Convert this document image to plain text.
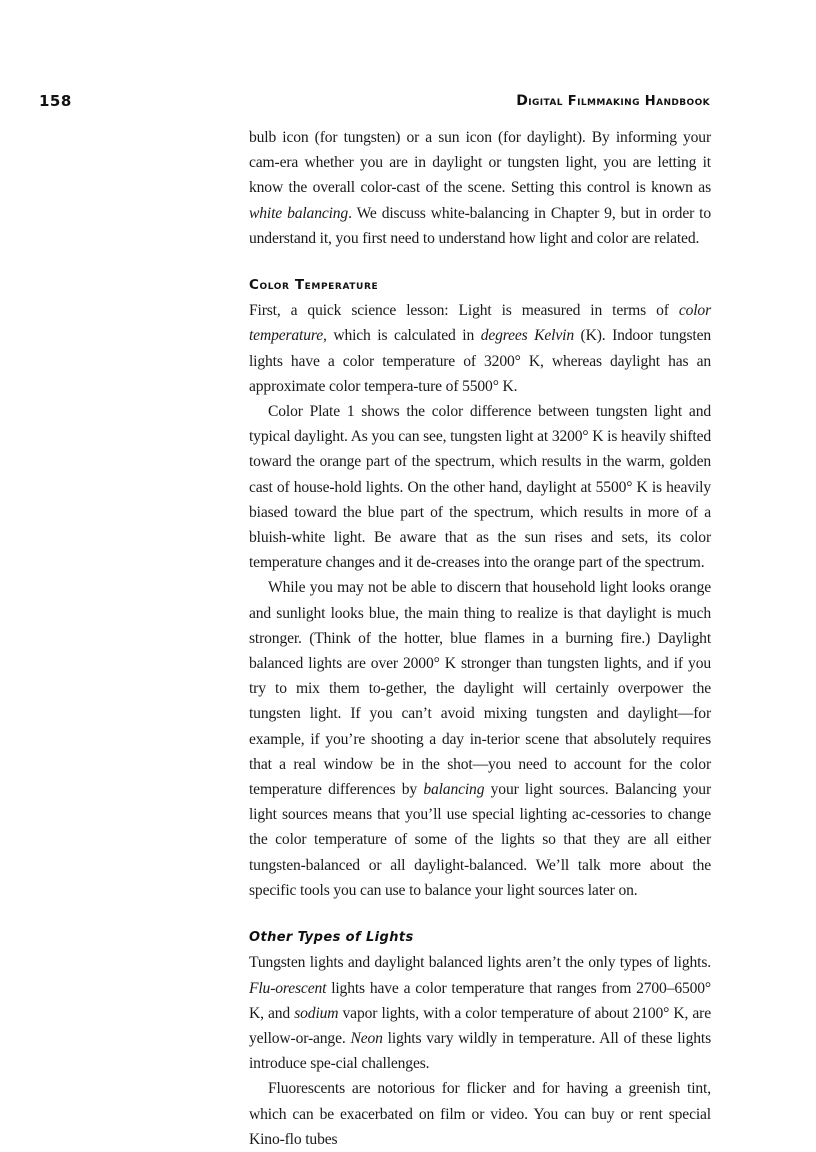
158	Digital Filmmaking Handbook

bulb icon (for tungsten) or a sun icon (for daylight). By informing your cam-era whether you are in daylight or tungsten light, you are letting it know the overall color-cast of the scene. Setting this control is known as white balancing. We discuss white-balancing in Chapter 9, but in order to understand it, you first need to understand how light and color are related.

Color Temperature

First, a quick science lesson: Light is measured in terms of color temperature, which is calculated in degrees Kelvin (K). Indoor tungsten lights have a color temperature of 3200° K, whereas daylight has an approximate color tempera-ture of 5500° K.

Color Plate 1 shows the color difference between tungsten light and typical daylight. As you can see, tungsten light at 3200° K is heavily shifted toward the orange part of the spectrum, which results in the warm, golden cast of house-hold lights. On the other hand, daylight at 5500° K is heavily biased toward the blue part of the spectrum, which results in more of a bluish-white light. Be aware that as the sun rises and sets, its color temperature changes and it de-creases into the orange part of the spectrum.

While you may not be able to discern that household light looks orange and sunlight looks blue, the main thing to realize is that daylight is much stronger. (Think of the hotter, blue flames in a burning fire.) Daylight balanced lights are over 2000° K stronger than tungsten lights, and if you try to mix them to-gether, the daylight will certainly overpower the tungsten light. If you can’t avoid mixing tungsten and daylight—for example, if you’re shooting a day in-terior scene that absolutely requires that a real window be in the shot—you need to account for the color temperature differences by balancing your light sources. Balancing your light sources means that you’ll use special lighting ac-cessories to change the color temperature of some of the lights so that they are all either tungsten-balanced or all daylight-balanced. We’ll talk more about the specific tools you can use to balance your light sources later on.

Other Types of Lights

Tungsten lights and daylight balanced lights aren’t the only types of lights. Flu-orescent lights have a color temperature that ranges from 2700–6500° K, and sodium vapor lights, with a color temperature of about 2100° K, are yellow-or-ange. Neon lights vary wildly in temperature. All of these lights introduce spe-cial challenges.

Fluorescents are notorious for flicker and for having a greenish tint, which can be exacerbated on film or video. You can buy or rent special Kino-flo tubes
